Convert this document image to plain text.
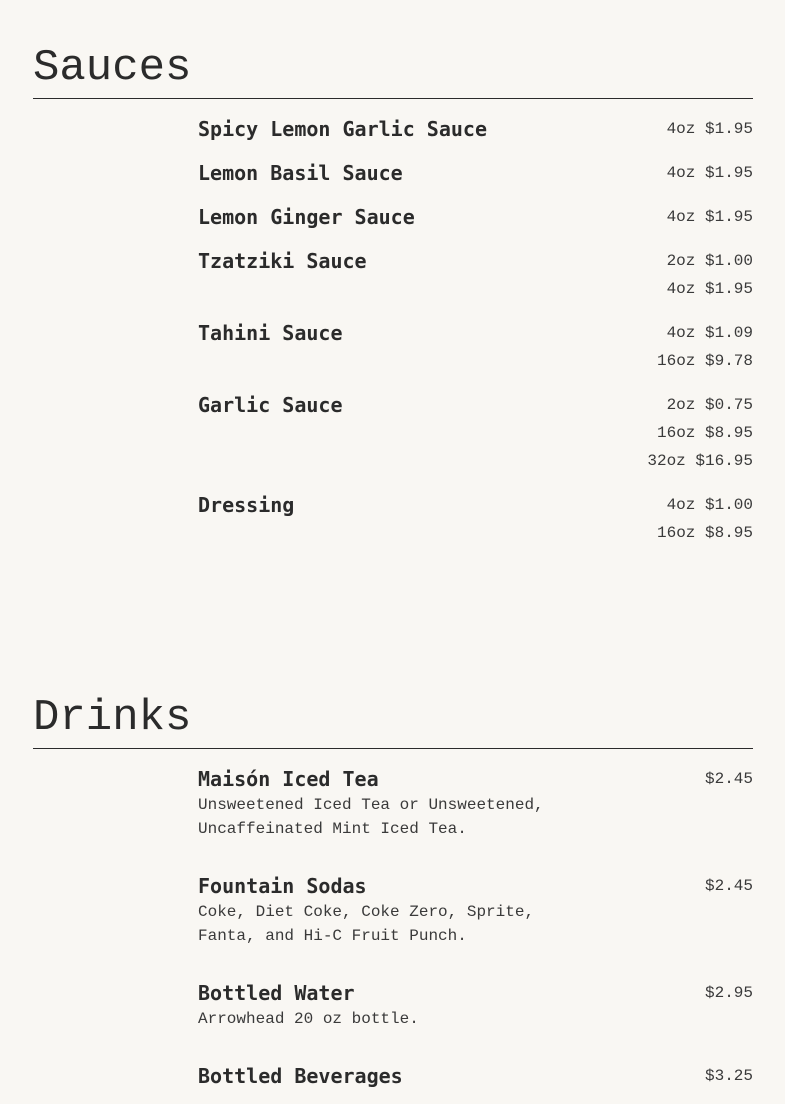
Sauces
Spicy Lemon Garlic Sauce	4oz $1.95
Lemon Basil Sauce	4oz $1.95
Lemon Ginger Sauce	4oz $1.95
Tzatziki Sauce	2oz $1.00
4oz $1.95
Tahini Sauce	4oz $1.09
16oz $9.78
Garlic Sauce	2oz $0.75
16oz $8.95
32oz $16.95
Dressing	4oz $1.00
16oz $8.95
Drinks
Maisón Iced Tea
Unsweetened Iced Tea or Unsweetened, Uncaffeinated Mint Iced Tea.
$2.45
Fountain Sodas
Coke, Diet Coke, Coke Zero, Sprite, Fanta, and Hi-C Fruit Punch.
$2.45
Bottled Water
Arrowhead 20 oz bottle.
$2.95
Bottled Beverages	$3.25
